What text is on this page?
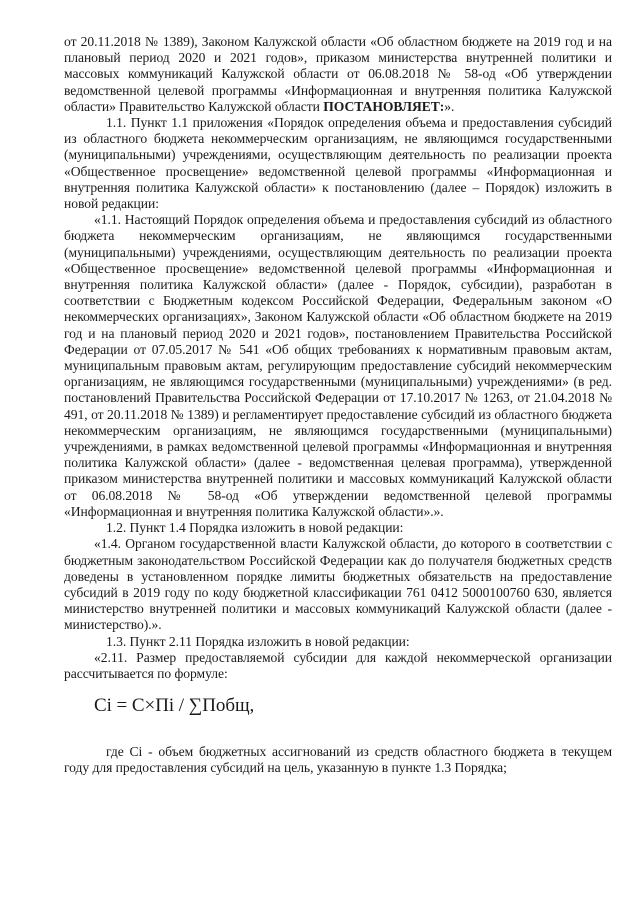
от 20.11.2018 № 1389), Законом Калужской области «Об областном бюджете на 2019 год и на плановый период 2020 и 2021 годов», приказом министерства внутренней политики и массовых коммуникаций Калужской области от 06.08.2018 № 58-од «Об утверждении ведомственной целевой программы «Информационная и внутренняя политика Калужской области» Правительство Калужской области ПОСТАНОВЛЯЕТ:».

1.1. Пункт 1.1 приложения «Порядок определения объема и предоставления субсидий из областного бюджета некоммерческим организациям, не являющимся государственными (муниципальными) учреждениями, осуществляющим деятельность по реализации проекта «Общественное просвещение» ведомственной целевой программы «Информационная и внутренняя политика Калужской области» к постановлению (далее – Порядок) изложить в новой редакции:

«1.1. Настоящий Порядок определения объема и предоставления субсидий из областного бюджета некоммерческим организациям, не являющимся государственными (муниципальными) учреждениями, осуществляющим деятельность по реализации проекта «Общественное просвещение» ведомственной целевой программы «Информационная и внутренняя политика Калужской области» (далее - Порядок, субсидии), разработан в соответствии с Бюджетным кодексом Российской Федерации, Федеральным законом «О некоммерческих организациях», Законом Калужской области «Об областном бюджете на 2019 год и на плановый период 2020 и 2021 годов», постановлением Правительства Российской Федерации от 07.05.2017 № 541 «Об общих требованиях к нормативным правовым актам, муниципальным правовым актам, регулирующим предоставление субсидий некоммерческим организациям, не являющимся государственными (муниципальными) учреждениями» (в ред. постановлений Правительства Российской Федерации от 17.10.2017 № 1263, от 21.04.2018 № 491, от 20.11.2018 № 1389) и регламентирует предоставление субсидий из областного бюджета некоммерческим организациям, не являющимся государственными (муниципальными) учреждениями, в рамках ведомственной целевой программы «Информационная и внутренняя политика Калужской области» (далее - ведомственная целевая программа), утвержденной приказом министерства внутренней политики и массовых коммуникаций Калужской области от 06.08.2018 № 58-од «Об утверждении ведомственной целевой программы «Информационная и внутренняя политика Калужской области».».

1.2. Пункт 1.4 Порядка изложить в новой редакции:

«1.4. Органом государственной власти Калужской области, до которого в соответствии с бюджетным законодательством Российской Федерации как до получателя бюджетных средств доведены в установленном порядке лимиты бюджетных обязательств на предоставление субсидий в 2019 году по коду бюджетной классификации 761 0412 5000100760 630, является министерство внутренней политики и массовых коммуникаций Калужской области (далее - министерство).».

1.3. Пункт 2.11 Порядка изложить в новой редакции:

«2.11. Размер предоставляемой субсидии для каждой некоммерческой организации рассчитывается по формуле:

Ci = C×Пi / ∑Побщ,

где Ci - объем бюджетных ассигнований из средств областного бюджета в текущем году для предоставления субсидий на цель, указанную в пункте 1.3 Порядка;
